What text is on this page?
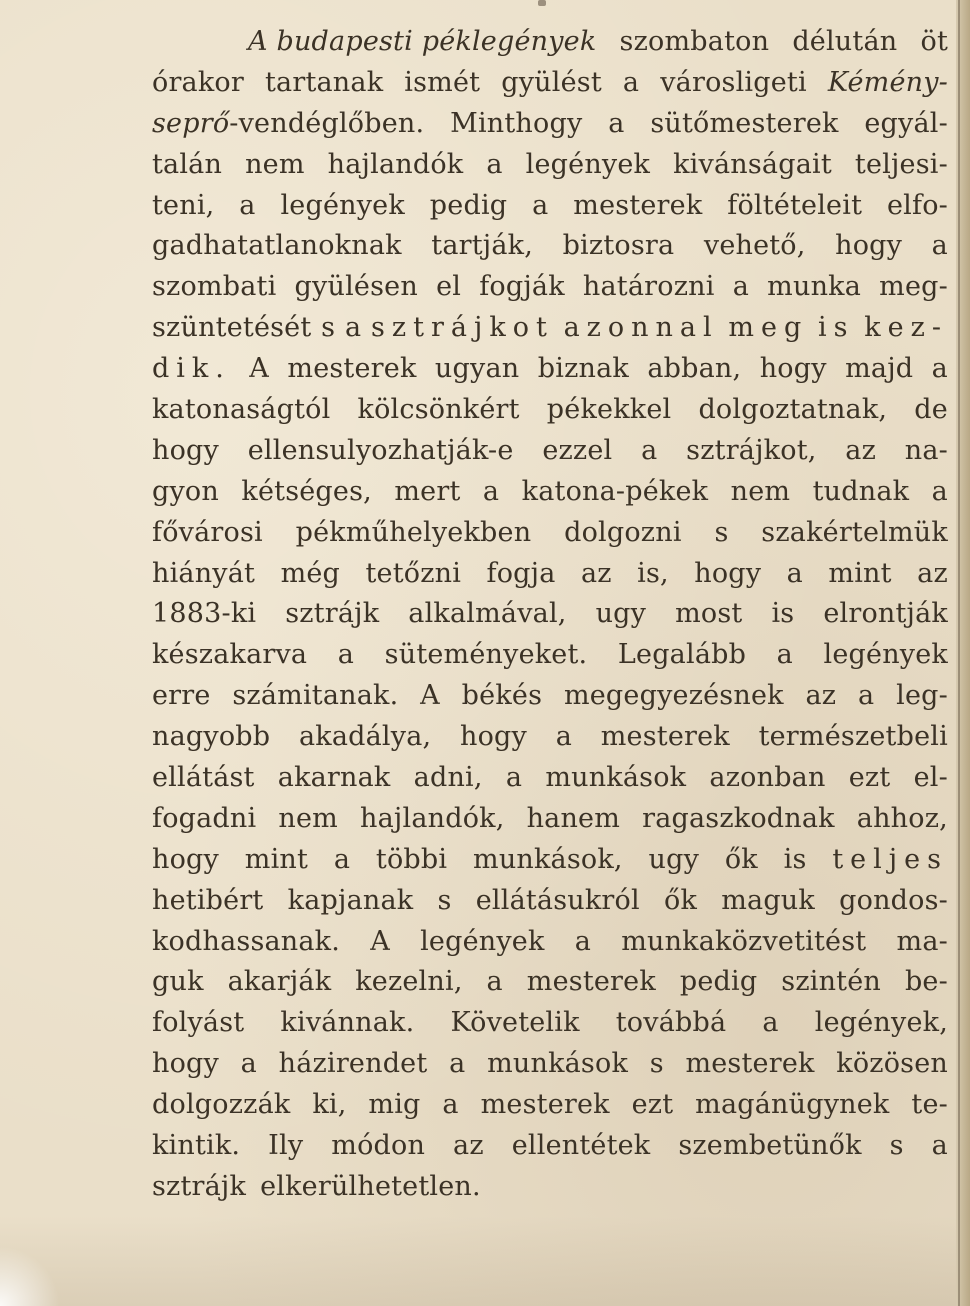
A budapesti péklegények szombaton délután öt
órakor tartanak ismét gyülést a városligeti Kémény-
seprő-vendéglőben. Minthogy a sütőmesterek egyál-
talán nem hajlandók a legények kivánságait teljesi-
teni, a legények pedig a mesterek föltételeit elfo-
gadhatatlanoknak tartják, biztosra vehető, hogy a
szombati gyülésen el fogják határozni a munka meg-
szüntetését s a sztrájkot azonnal meg is kez-
dik. A mesterek ugyan biznak abban, hogy majd a
katonaságtól kölcsönkért pékekkel dolgoztatnak, de
hogy ellensulyozhatják-e ezzel a sztrájkot, az na-
gyon kétséges, mert a katona-pékek nem tudnak a
fővárosi pékműhelyekben dolgozni s szakértelmük
hiányát még tetőzni fogja az is, hogy a mint az
1883-ki sztrájk alkalmával, ugy most is elrontják
készakarva a süteményeket. Legalább a legények
erre számitanak. A békés megegyezésnek az a leg-
nagyobb akadálya, hogy a mesterek természetbeli
ellátást akarnak adni, a munkások azonban ezt el-
fogadni nem hajlandók, hanem ragaszkodnak ahhoz,
hogy mint a többi munkások, ugy ők is teljes
hetibért kapjanak s ellátásukról ők maguk gondos-
kodhassanak. A legények a munkaközvetitést ma-
guk akarják kezelni, a mesterek pedig szintén be-
folyást kivánnak. Követelik továbbá a legények,
hogy a házirendet a munkások s mesterek közösen
dolgozzák ki, mig a mesterek ezt magánügynek te-
kintik. Ily módon az ellentétek szembetünők s a
sztrájk elkerülhetetlen.
